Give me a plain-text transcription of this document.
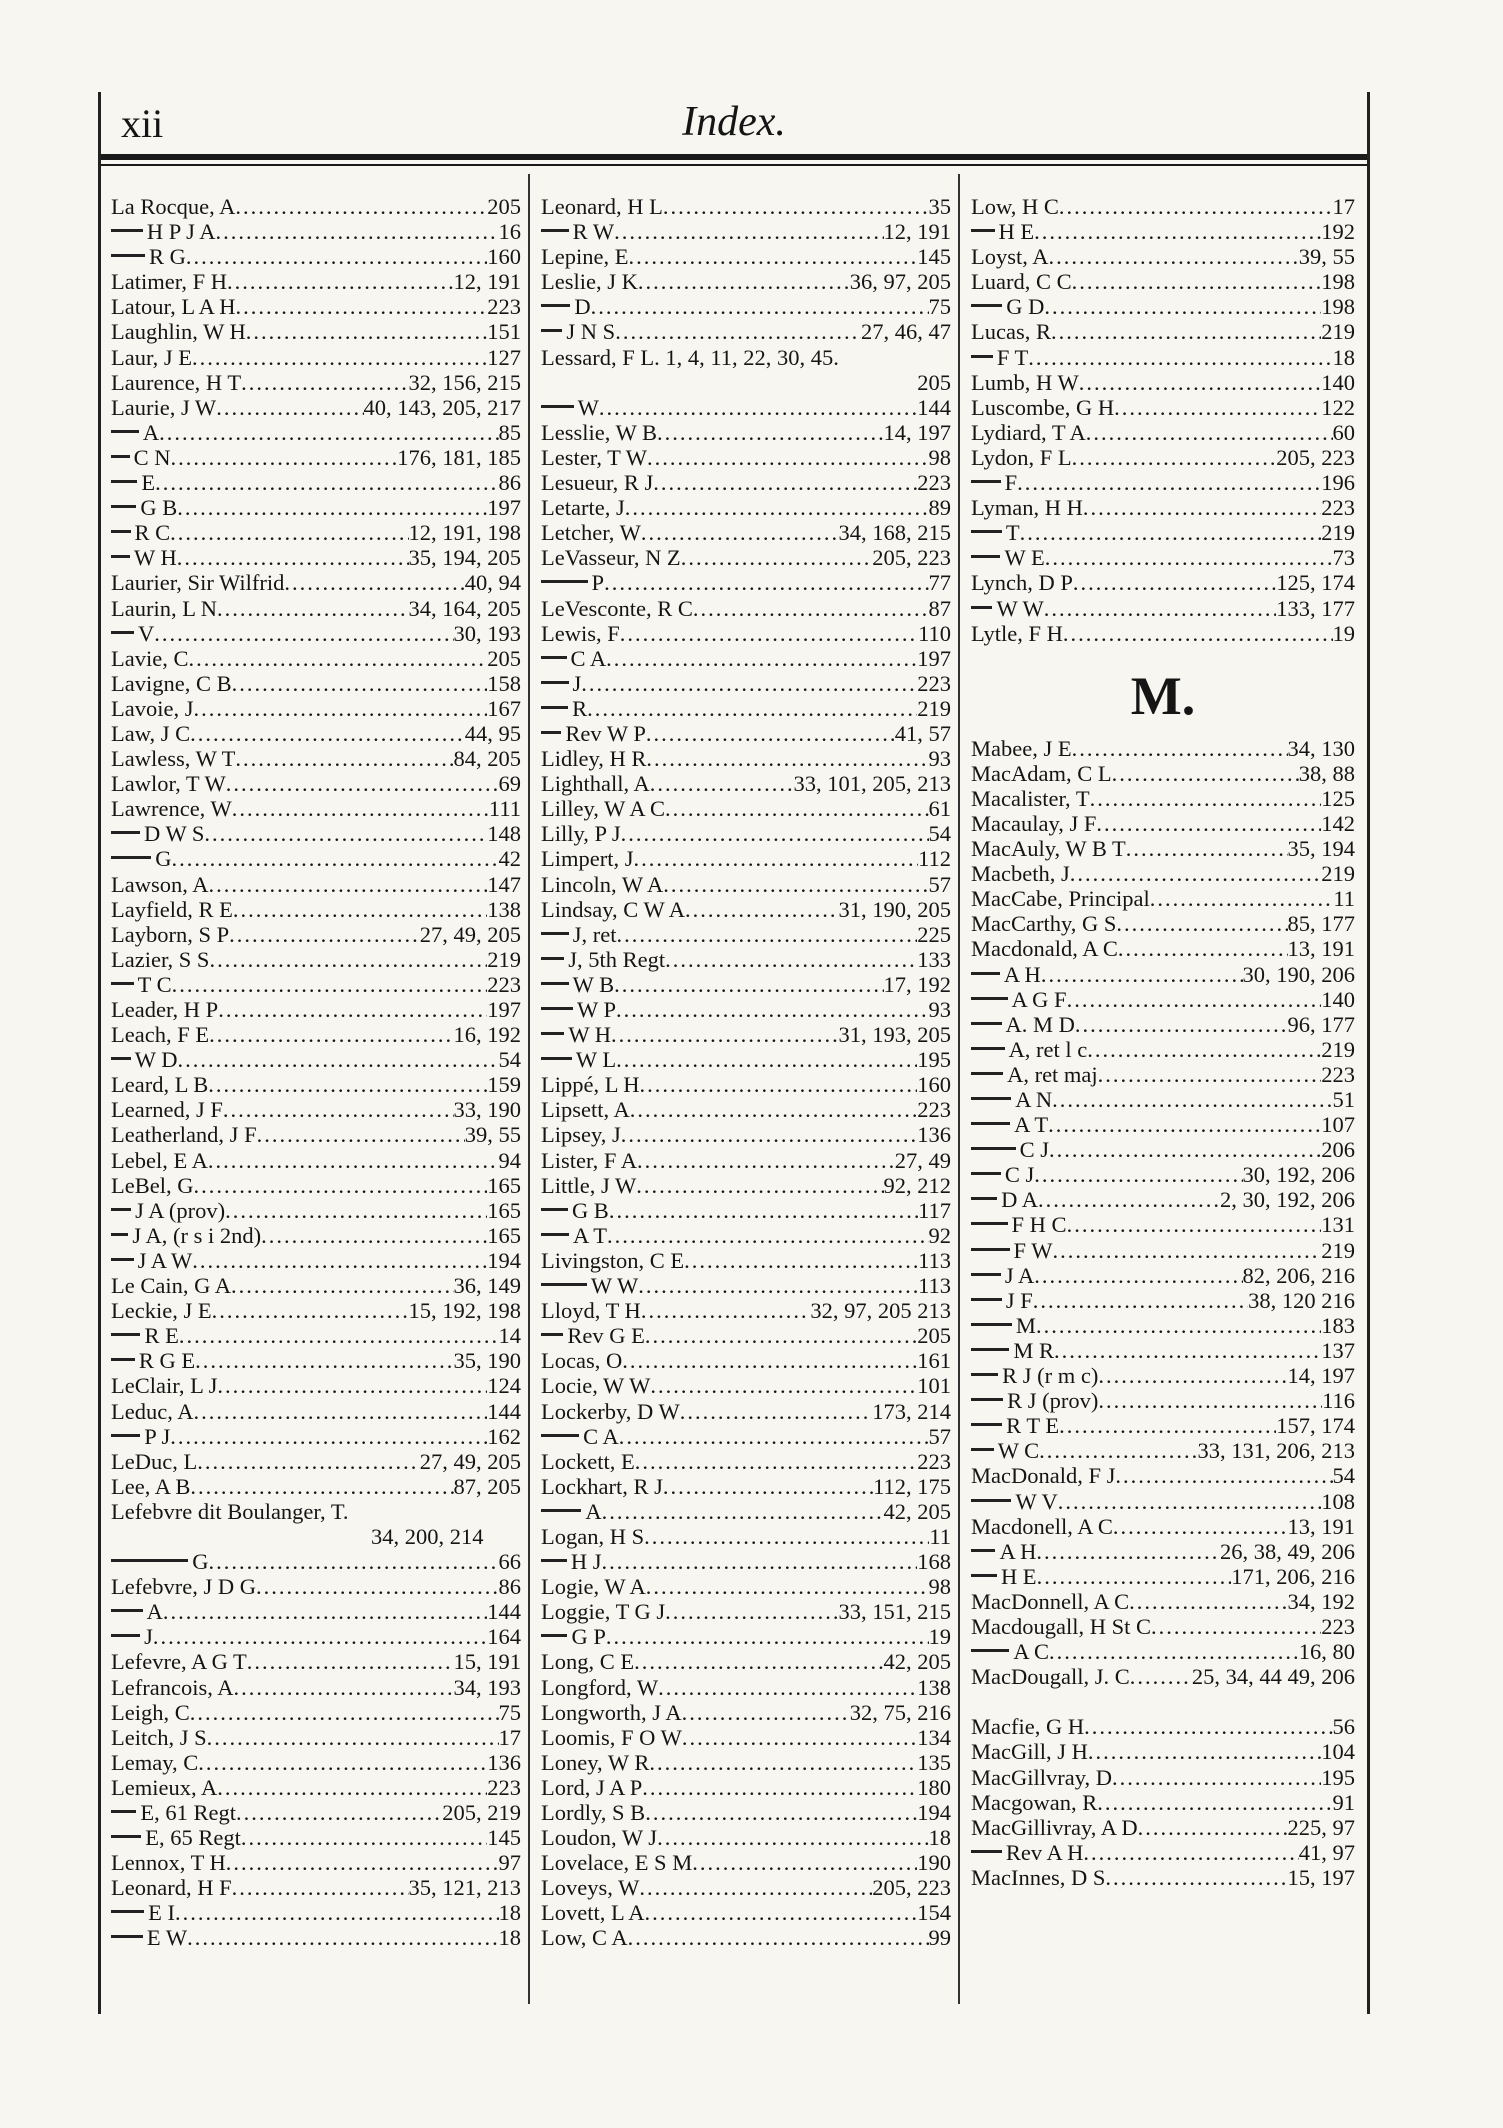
xii	Index.
La Rocque, A .....	205
H P J A .....	16
R G .....	160
Latimer, F H .....	12, 191
Latour, L A H .....	223
Laughlin, W H .....	151
Laur, J E .....	127
Laurence, H T .....	32, 156, 215
Laurie, J W .....	40, 143, 205, 217
A .....	85
C N .....	176, 181, 185
E .....	86
G B .....	197
R C .....	12, 191, 198
W H .....	35, 194, 205
Laurier, Sir Wilfrid .....	40, 94
Laurin, L N .....	34, 164, 205
V .....	30, 193
Lavie, C .....	205
Lavigne, C B .....	158
Lavoie, J .....	167
Law, J C .....	44, 95
Lawless, W T .....	84, 205
Lawlor, T W .....	69
Lawrence, W .....	111
D W S .....	148
G .....	42
Lawson, A .....	147
Layfield, R E .....	138
Layborn, S P .....	27, 49, 205
Lazier, S S .....	219
T C .....	223
Leader, H P .....	197
Leach, F E .....	16, 192
W D .....	54
Leard, L B .....	159
Learned, J F .....	33, 190
Leatherland, J F .....	39, 55
Lebel, E A .....	94
LeBel, G .....	165
J A (prov) .....	165
J A, (r s i 2nd) .....	165
J A W .....	194
Le Cain, G A .....	36, 149
Leckie, J E .....	15, 192, 198
R E .....	14
R G E .....	35, 190
LeClair, L J .....	124
Leduc, A .....	144
P J .....	162
LeDuc, L .....	27, 49, 205
Lee, A B .....	87, 205
Lefebvre dit Boulanger, T.
34, 200, 214
G .....	66
Lefebvre, J D G .....	86
A .....	144
J .....	164
Lefevre, A G T .....	15, 191
Lefrancois, A .....	34, 193
Leigh, C .....	75
Leitch, J S .....	17
Lemay, C .....	136
Lemieux, A .....	223
E, 61 Regt .....	205, 219
E, 65 Regt .....	145
Lennox, T H .....	97
Leonard, H F .....	35, 121, 213
E I .....	18
E W .....	18
Leonard, H L .....	35
R W .....	12, 191
Lepine, E .....	145
Leslie, J K .....	36, 97, 205
D .....	75
J N S .....	27, 46, 47
Lessard, F L. 1, 4, 11, 22, 30, 45.
205
W .....	144
Lesslie, W B .....	14, 197
Lester, T W .....	98
Lesueur, R J .....	223
Letarte, J .....	89
Letcher, W .....	34, 168, 215
LeVasseur, N Z .....	205, 223
P .....	77
LeVesconte, R C .....	87
Lewis, F .....	110
C A .....	197
J .....	223
R .....	219
Rev W P .....	41, 57
Lidley, H R .....	93
Lighthall, A .....	33, 101, 205, 213
Lilley, W A C .....	61
Lilly, P J .....	54
Limpert, J .....	112
Lincoln, W A .....	57
Lindsay, C W A .....	31, 190, 205
J, ret .....	225
J, 5th Regt .....	133
W B .....	17, 192
W P .....	93
W H .....	31, 193, 205
W L .....	195
Lippé, L H .....	160
Lipsett, A .....	223
Lipsey, J .....	136
Lister, F A .....	27, 49
Little, J W .....	92, 212
G B .....	117
A T .....	92
Livingston, C E .....	113
W W .....	113
Lloyd, T H .....	32, 97, 205 213
Rev G E .....	205
Locas, O .....	161
Locie, W W .....	101
Lockerby, D W .....	173, 214
C A .....	57
Lockett, E .....	223
Lockhart, R J .....	112, 175
A .....	42, 205
Logan, H S .....	11
H J .....	168
Logie, W A .....	98
Loggie, T G J .....	33, 151, 215
G P .....	19
Long, C E .....	42, 205
Longford, W .....	138
Longworth, J A .....	32, 75, 216
Loomis, F O W .....	134
Loney, W R .....	135
Lord, J A P .....	180
Lordly, S B .....	194
Loudon, W J .....	18
Lovelace, E S M .....	190
Loveys, W .....	205, 223
Lovett, L A .....	154
Low, C A .....	99
Low, H C .....	17
H E .....	192
Loyst, A .....	39, 55
Luard, C C .....	198
G D .....	198
Lucas, R .....	219
F T .....	18
Lumb, H W .....	140
Luscombe, G H .....	122
Lydiard, T A .....	60
Lydon, F L .....	205, 223
F .....	196
Lyman, H H .....	223
T .....	219
W E .....	73
Lynch, D P .....	125, 174
W W .....	133, 177
Lytle, F H .....	19
M.
Mabee, J E .....	34, 130
MacAdam, C L .....	38, 88
Macalister, T .....	125
Macaulay, J F .....	142
MacAuly, W B T .....	35, 194
Macbeth, J .....	219
MacCabe, Principal .....	11
MacCarthy, G S .....	85, 177
Macdonald, A C .....	13, 191
A H .....	30, 190, 206
A G F .....	140
A. M D .....	96, 177
A, ret l c .....	219
A, ret maj .....	223
A N .....	51
A T .....	107
C J .....	206
C J .....	30, 192, 206
D A .....	2, 30, 192, 206
F H C .....	131
F W .....	219
J A .....	82, 206, 216
J F .....	38, 120 216
M .....	183
M R .....	137
R J (r m c) .....	14, 197
R J (prov) .....	116
R T E .....	157, 174
W C .....	33, 131, 206, 213
MacDonald, F J .....	54
W V .....	108
Macdonell, A C .....	13, 191
A H .....	26, 38, 49, 206
H E .....	171, 206, 216
MacDonnell, A C .....	34, 192
Macdougall, H St C .....	223
A C .....	16, 80
MacDougall, J. C .....	25, 34, 44 49, 206
Macfie, G H .....	56
MacGill, J H .....	104
MacGillvray, D .....	195
Macgowan, R .....	91
MacGillivray, A D .....	225, 97
Rev A H .....	41, 97
MacInnes, D S .....	15, 197
